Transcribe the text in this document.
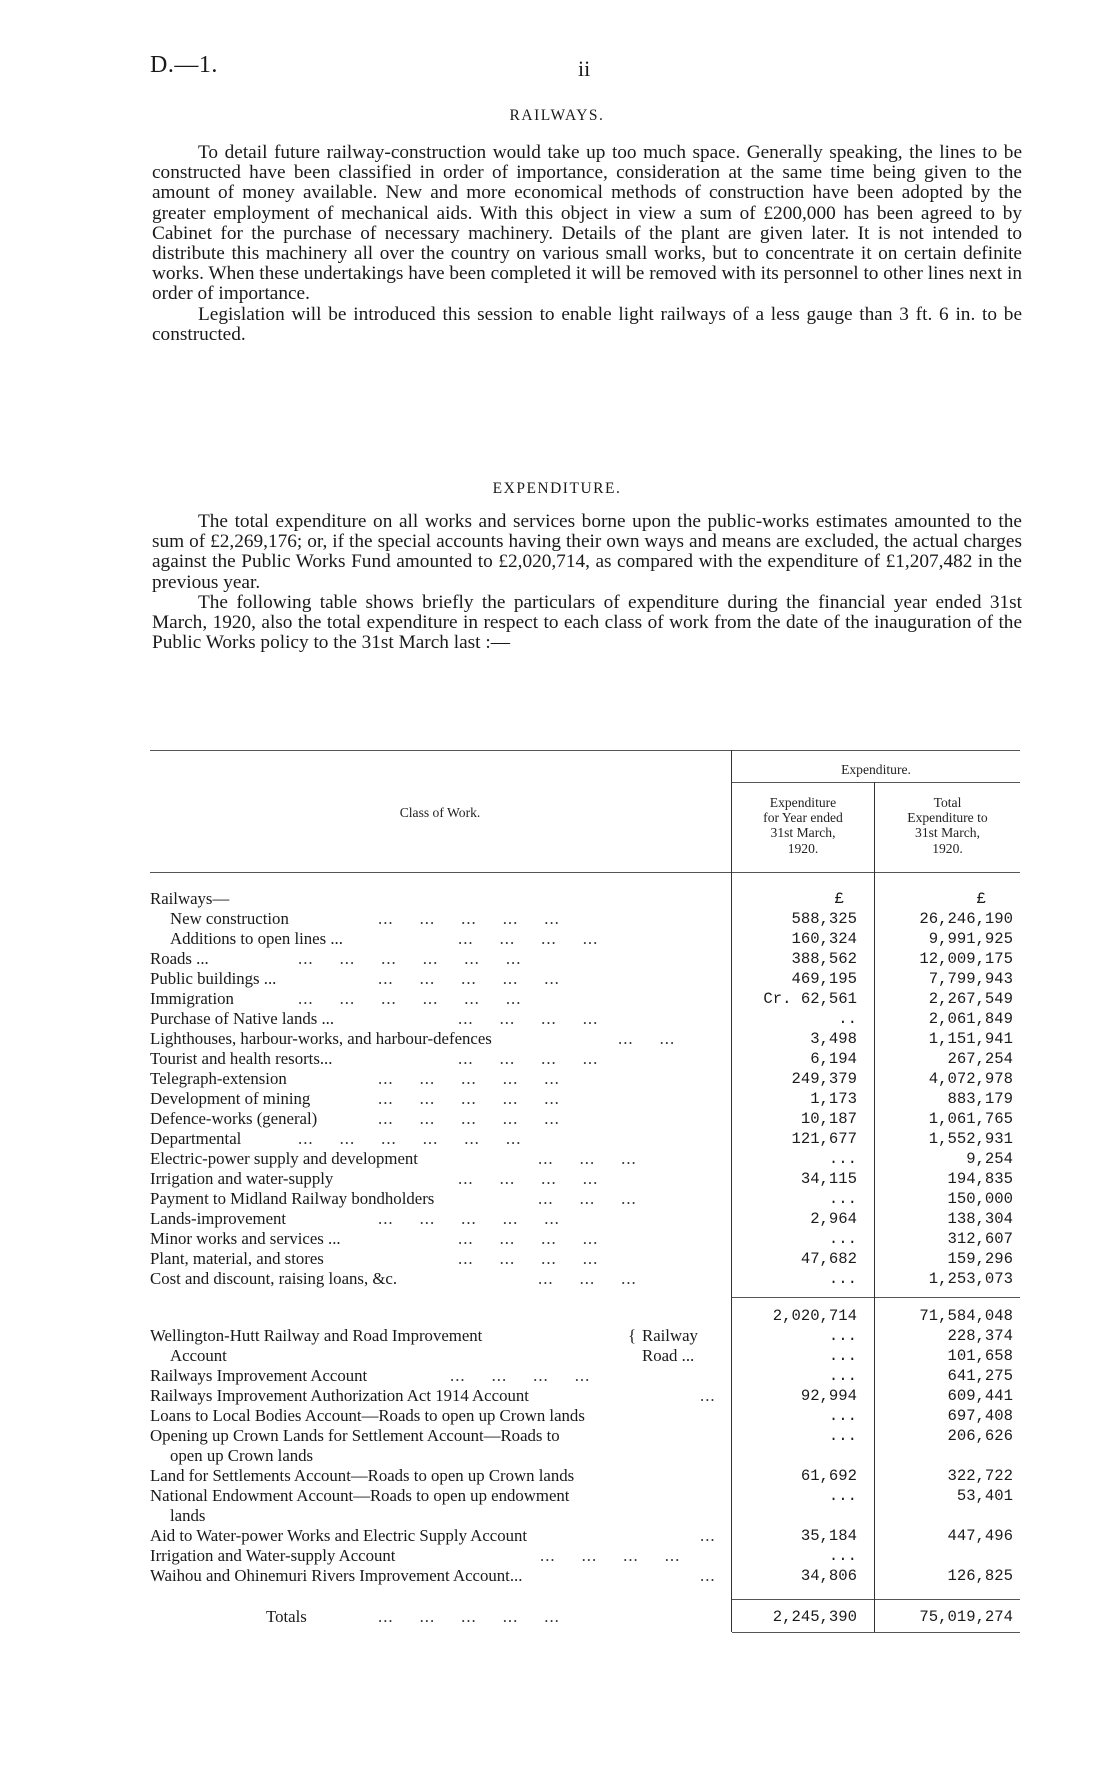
D.—1.	ii
RAILWAYS.

To detail future railway-construction would take up too much space. Generally speaking, the lines to be constructed have been classified in order of importance, consideration at the same time being given to the amount of money available. New and more economical methods of construction have been adopted by the greater employment of mechanical aids. With this object in view a sum of £200,000 has been agreed to by Cabinet for the purchase of necessary machinery. Details of the plant are given later. It is not intended to distribute this machinery all over the country on various small works, but to concentrate it on certain definite works. When these undertakings have been completed it will be removed with its personnel to other lines next in order of importance.

Legislation will be introduced this session to enable light railways of a less gauge than 3 ft. 6 in. to be constructed.

EXPENDITURE.

The total expenditure on all works and services borne upon the public-works estimates amounted to the sum of £2,269,176; or, if the special accounts having their own ways and means are excluded, the actual charges against the Public Works Fund amounted to £2,020,714, as compared with the expenditure of £1,207,482 in the previous year.

The following table shows briefly the particulars of expenditure during the financial year ended 31st March, 1920, also the total expenditure in respect to each class of work from the date of the inauguration of the Public Works policy to the 31st March last :—

Class of Work.
Expenditure.
Expenditure
for Year ended
31st March,
1920.
Total
Expenditure to
31st March,
1920.
Railways—	£	£
New construction	...     ...     ...     ...     ...	588,325	26,246,190
Additions to open lines ...	...     ...     ...     ...	160,324	9,991,925
Roads ...	...     ...     ...     ...     ...     ...	388,562	12,009,175
Public buildings ...	...     ...     ...     ...     ...	469,195	7,799,943
Immigration	...     ...     ...     ...     ...     ...	Cr. 62,561	2,267,549
Purchase of Native lands ...	...     ...     ...     ...	..	2,061,849
Lighthouses, harbour-works, and harbour-defences	...     ...	3,498	1,151,941
Tourist and health resorts...	...     ...     ...     ...	6,194	267,254
Telegraph-extension	...     ...     ...     ...     ...	249,379	4,072,978
Development of mining	...     ...     ...     ...     ...	1,173	883,179
Defence-works (general)	...     ...     ...     ...     ...	10,187	1,061,765
Departmental	...     ...     ...     ...     ...     ...	121,677	1,552,931
Electric-power supply and development	...     ...     ...	...	9,254
Irrigation and water-supply	...     ...     ...     ...	34,115	194,835
Payment to Midland Railway bondholders	...     ...     ...	...	150,000
Lands-improvement	...     ...     ...     ...     ...	2,964	138,304
Minor works and services ...	...     ...     ...     ...	...	312,607
Plant, material, and stores	...     ...     ...     ...	47,682	159,296
Cost and discount, raising loans, &c.	...     ...     ...	...	1,253,073
2,020,714	71,584,048
Wellington-Hutt Railway and Road Improvement	{ Railway	...	228,374
Account	Road ...	...	101,658
Railways Improvement Account	...     ...     ...     ...	...	641,275
Railways Improvement Authorization Act 1914 Account	...	92,994	609,441
Loans to Local Bodies Account—Roads to open up Crown lands	...	697,408
Opening up Crown Lands for Settlement Account—Roads to	...	206,626
open up Crown lands
Land for Settlements Account—Roads to open up Crown lands	61,692	322,722
National Endowment Account—Roads to open up endowment	...	53,401
lands
Aid to Water-power Works and Electric Supply Account	...	35,184	447,496
Irrigation and Water-supply Account	...     ...     ...     ...	...
Waihou and Ohinemuri Rivers Improvement Account...	...	34,806	126,825
Totals	...     ...     ...     ...     ...	2,245,390	75,019,274
